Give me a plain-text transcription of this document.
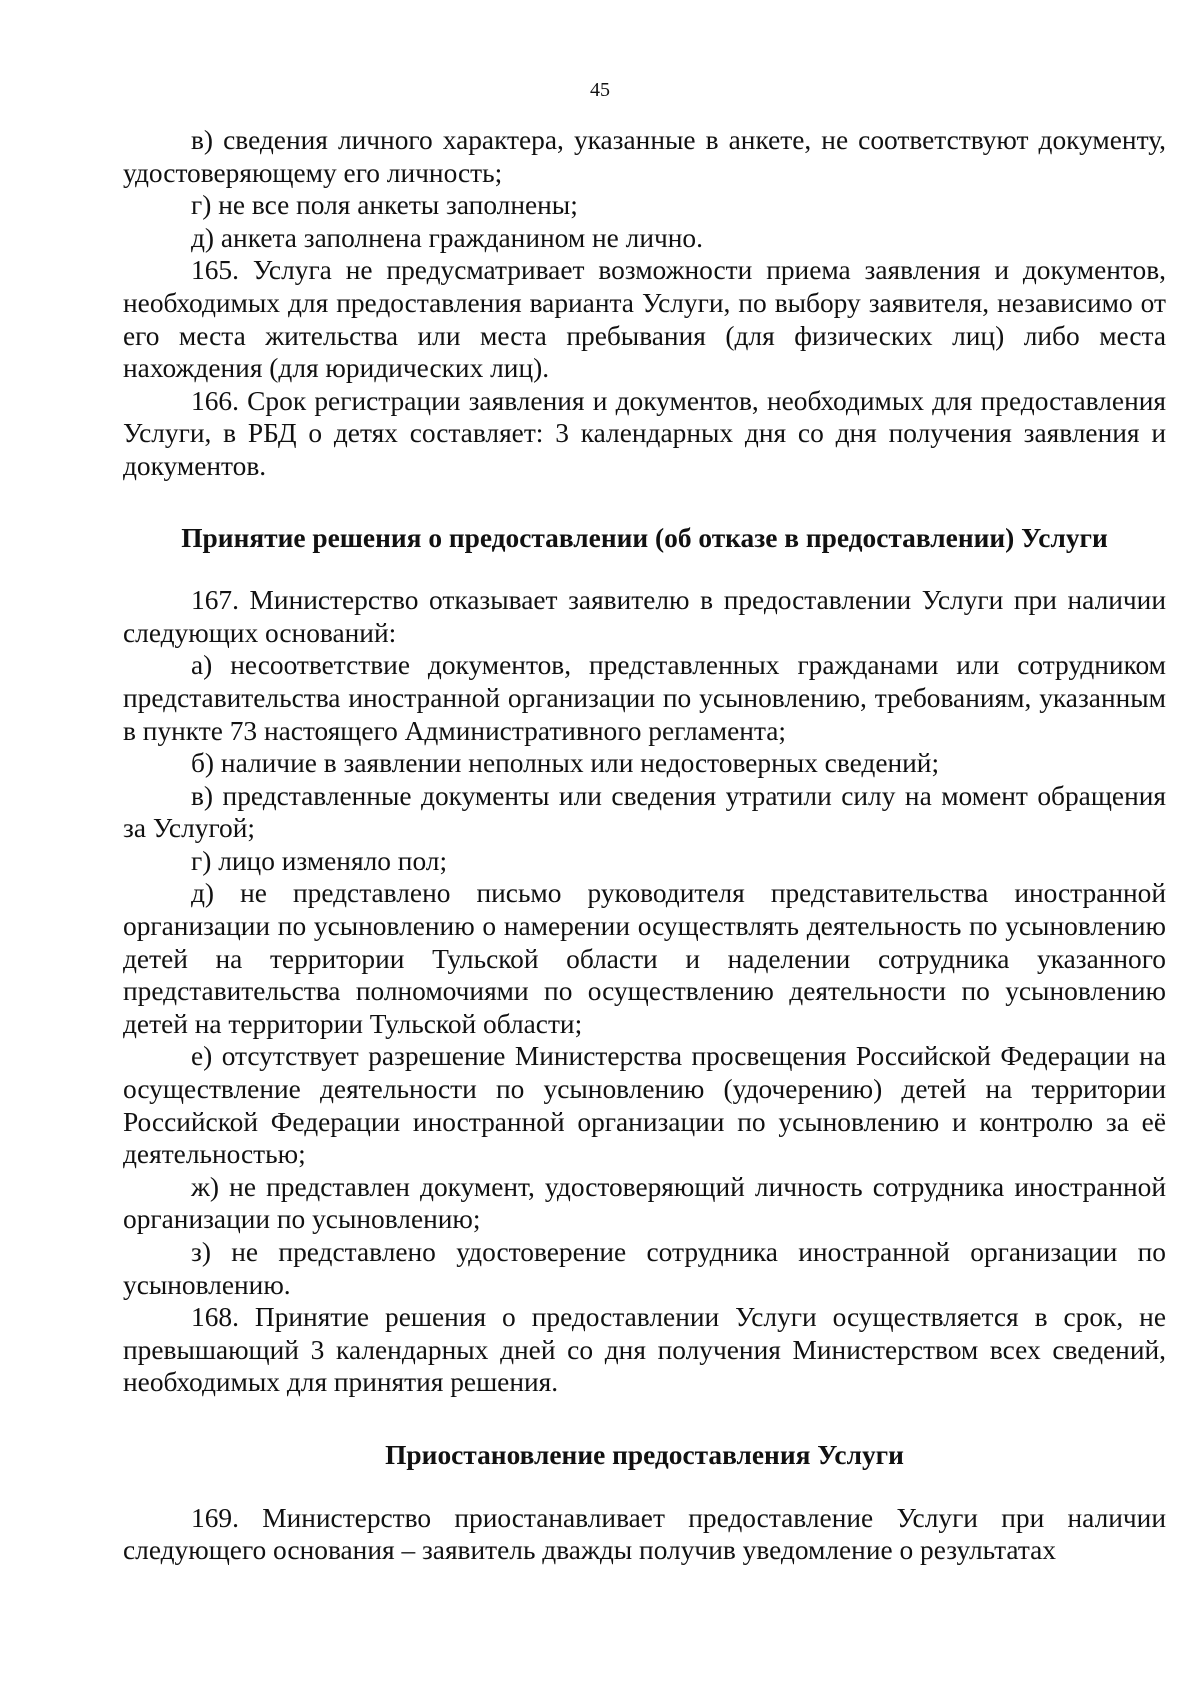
45

в) сведения личного характера, указанные в анкете, не соответствуют документу, удостоверяющему его личность;

г) не все поля анкеты заполнены;

д) анкета заполнена гражданином не лично.

165. Услуга не предусматривает возможности приема заявления и документов, необходимых для предоставления варианта Услуги, по выбору заявителя, независимо от его места жительства или места пребывания (для физических лиц) либо места нахождения (для юридических лиц).

166. Срок регистрации заявления и документов, необходимых для предоставления Услуги, в РБД о детях составляет: 3 календарных дня со дня получения заявления и документов.

Принятие решения о предоставлении (об отказе в предоставлении) Услуги

167. Министерство отказывает заявителю в предоставлении Услуги при наличии следующих оснований:

а) несоответствие документов, представленных гражданами или сотрудником представительства иностранной организации по усыновлению, требованиям, указанным в пункте 73 настоящего Административного регламента;

б) наличие в заявлении неполных или недостоверных сведений;

в) представленные документы или сведения утратили силу на момент обращения за Услугой;

г) лицо изменяло пол;

д) не представлено письмо руководителя представительства иностранной организации по усыновлению о намерении осуществлять деятельность по усыновлению детей на территории Тульской области и наделении сотрудника указанного представительства полномочиями по осуществлению деятельности по усыновлению детей на территории Тульской области;

е) отсутствует разрешение Министерства просвещения Российской Федерации на осуществление деятельности по усыновлению (удочерению) детей на территории Российской Федерации иностранной организации по усыновлению и контролю за её деятельностью;

ж) не представлен документ, удостоверяющий личность сотрудника иностранной организации по усыновлению;

з) не представлено удостоверение сотрудника иностранной организации по усыновлению.

168. Принятие решения о предоставлении Услуги осуществляется в срок, не превышающий 3 календарных дней со дня получения Министерством всех сведений, необходимых для принятия решения.

Приостановление предоставления Услуги

169. Министерство приостанавливает предоставление Услуги при наличии следующего основания – заявитель дважды получив уведомление о результатах
